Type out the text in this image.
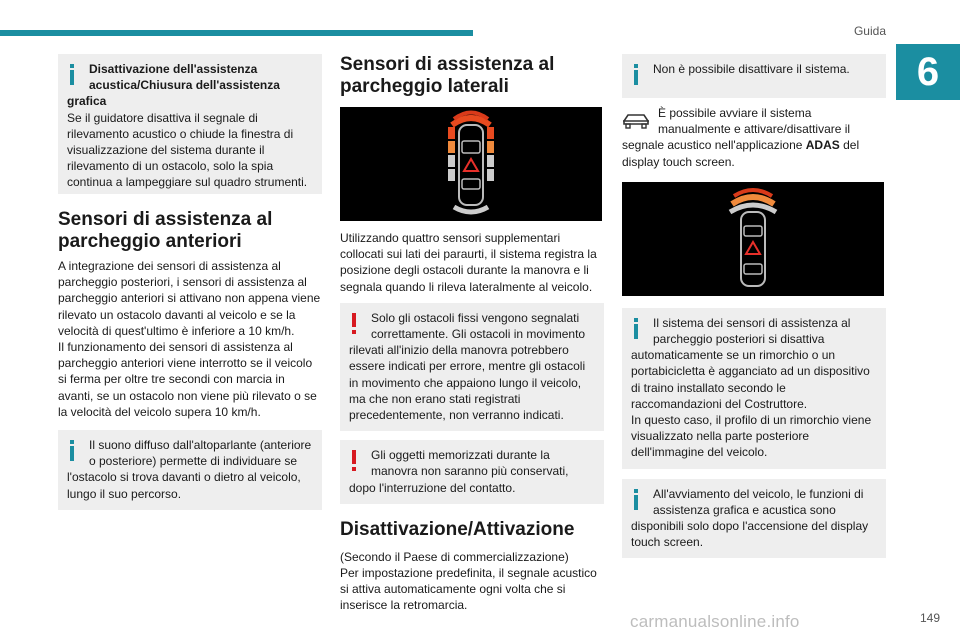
Guida
6
Disattivazione dell'assistenza acustica/Chiusura dell'assistenza grafica
Se il guidatore disattiva il segnale di rilevamento acustico o chiude la finestra di visualizzazione del sistema durante il rilevamento di un ostacolo, solo la spia continua a lampeggiare sul quadro strumenti.
Sensori di assistenza al parcheggio anteriori

A integrazione dei sensori di assistenza al parcheggio posteriori, i sensori di assistenza al parcheggio anteriori si attivano non appena viene rilevato un ostacolo davanti al veicolo e se la velocità di quest'ultimo è inferiore a 10 km/h.

Il funzionamento dei sensori di assistenza al parcheggio anteriori viene interrotto se il veicolo si ferma per oltre tre secondi con marcia in avanti, se un ostacolo non viene più rilevato o se la velocità del veicolo supera 10 km/h.

Il suono diffuso dall'altoparlante (anteriore o posteriore) permette di individuare se l'ostacolo si trova davanti o dietro al veicolo, lungo il suo percorso.
Sensori di assistenza al parcheggio laterali

Utilizzando quattro sensori supplementari collocati sui lati dei paraurti, il sistema registra la posizione degli ostacoli durante la manovra e li segnala quando li rileva lateralmente al veicolo.

Solo gli ostacoli fissi vengono segnalati correttamente. Gli ostacoli in movimento rilevati all'inizio della manovra potrebbero essere indicati per errore, mentre gli ostacoli in movimento che appaiono lungo il veicolo, ma che non erano stati registrati precedentemente, non verranno indicati.
Gli oggetti memorizzati durante la manovra non saranno più conservati, dopo l'interruzione del contatto.
Disattivazione/Attivazione

(Secondo il Paese di commercializzazione)

Per impostazione predefinita, il segnale acustico si attiva automaticamente ogni volta che si inserisce la retromarcia.

Non è possibile disattivare il sistema.
È possibile avviare il sistema manualmente e attivare/disattivare il segnale acustico nell'applicazione ADAS del display touch screen.
Il sistema dei sensori di assistenza al parcheggio posteriori si disattiva automaticamente se un rimorchio o un portabicicletta è agganciato ad un dispositivo di traino installato secondo le raccomandazioni del Costruttore.
In questo caso, il profilo di un rimorchio viene visualizzato nella parte posteriore dell'immagine del veicolo.
All'avviamento del veicolo, le funzioni di assistenza grafica e acustica sono disponibili solo dopo l'accensione del display touch screen.
carmanualsonline.info	149
